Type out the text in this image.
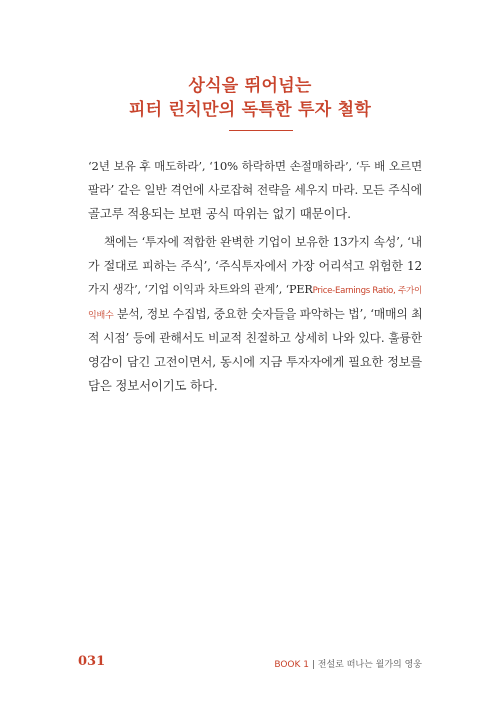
상식을 뛰어넘는
피터 린치만의 독특한 투자 철학
‘2년 보유 후 매도하라’, ‘10% 하락하면 손절매하라’, ‘두 배 오르면
팔라’ 같은 일반 격언에 사로잡혀 전략을 세우지 마라. 모든 주식에
골고루 적용되는 보편 공식 따위는 없기 때문이다.
책에는 ‘투자에 적합한 완벽한 기업이 보유한 13가지 속성’, ‘내
가 절대로 피하는 주식’, ‘주식투자에서 가장 어리석고 위험한 12
가지 생각’, ‘기업 이익과 차트와의 관계’, ‘PERPrice-Earnings Ratio, 주가이
익배수 분석, 정보 수집법, 중요한 숫자들을 파악하는 법’, ‘매매의 최
적 시점’ 등에 관해서도 비교적 친절하고 상세히 나와 있다. 훌륭한
영감이 담긴 고전이면서, 동시에 지금 투자자에게 필요한 정보를
담은 정보서이기도 하다.
031	BOOK 1 | 전설로 떠나는 월가의 영웅
